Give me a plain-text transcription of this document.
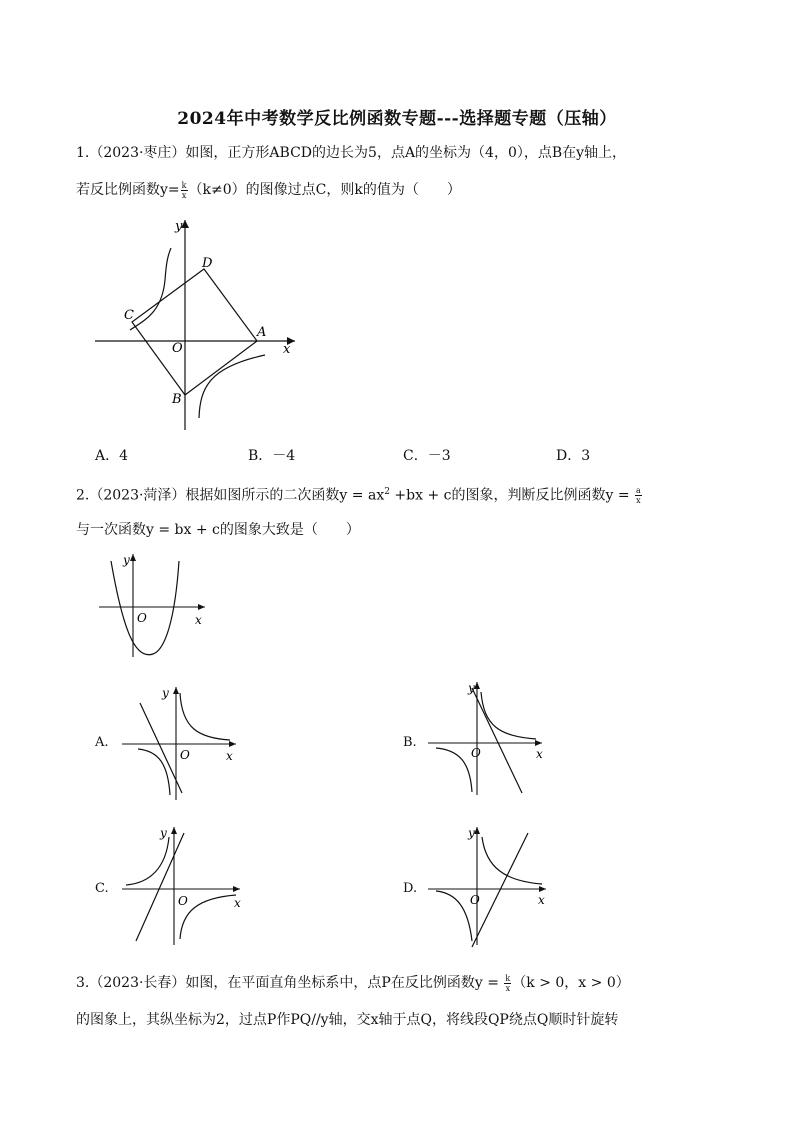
2024年中考数学反比例函数专题---选择题专题（压轴）
1.（2023·枣庄）如图，正方形ABCD的边长为5，点A的坐标为（4，0），点B在y轴上，
若反比例函数$y= \frac{k}{x} (k\ne 0)$的图像过点C，则k的值为（　　）
y
x
O
A
B
C
D
A．4	B．－4	C．－3	D．3
2.（2023·菏泽）根据如图所示的二次函数$y = ax^2 +bx + c$的图象，判断反比例函数$y = \frac{a}{x}$
与一次函数y = bx + c的图象大致是（　　）
y
x
O
A.
y
x
O
B.
y
x
O
C.
y
x
O
D.
y
x
O
3.（2023·长春）如图，在平面直角坐标系中，点P在反比例函数$y = \frac{k}{x} (k > 0$，x > 0）
的图象上，其纵坐标为2，过点P作PQ//y轴，交x轴于点Q，将线段QP绕点Q顺时针旋转
